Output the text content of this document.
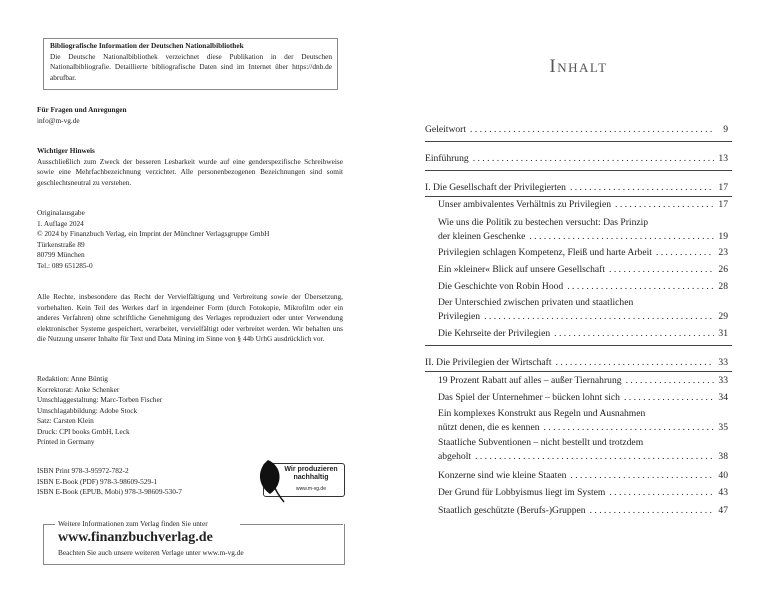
Bibliografische Information der Deutschen Nationalbibliothek
Die Deutsche Nationalbibliothek verzeichnet diese Publikation in der Deutschen Nationalbibliografie. Detaillierte bibliografische Daten sind im Internet über https://dnb.de abrufbar.
Für Fragen und Anregungen
info@m-vg.de
Wichtiger Hinweis
Ausschließlich zum Zweck der besseren Lesbarkeit wurde auf eine genderspezifische Schreibweise sowie eine Mehrfachbezeichnung verzichtet. Alle personenbezogenen Bezeichnungen sind somit geschlechtsneutral zu verstehen.
Originalausgabe
1. Auflage 2024
© 2024 by Finanzbuch Verlag, ein Imprint der Münchner Verlagsgruppe GmbH
Türkenstraße 89
80799 München
Tel.: 089 651285-0
Alle Rechte, insbesondere das Recht der Vervielfältigung und Verbreitung sowie der Übersetzung, vorbehalten. Kein Teil des Werkes darf in irgendeiner Form (durch Fotokopie, Mikrofilm oder ein anderes Verfahren) ohne schriftliche Genehmigung des Verlages reproduziert oder unter Verwendung elektronischer Systeme gespeichert, verarbeitet, vervielfältigt oder verbreitet werden. Wir behalten uns die Nutzung unserer Inhalte für Text und Data Mining im Sinne von § 44b UrhG ausdrücklich vor.
Redaktion: Anne Büntig
Korrektorat: Anke Schenker
Umschlaggestaltung: Marc-Torben Fischer
Umschlagabbildung: Adobe Stock
Satz: Carsten Klein
Druck: CPI books GmbH, Leck
Printed in Germany
ISBN Print 978-3-95972-782-2
ISBN E-Book (PDF) 978-3-98609-529-1
ISBN E-Book (EPUB, Mobi) 978-3-98609-530-7
Wir produzieren
nachhaltig
www.m-vg.de
Weitere Informationen zum Verlag finden Sie unter
www.finanzbuchverlag.de
Beachten Sie auch unsere weiteren Verlage unter www.m-vg.de
Inhalt
Geleitwort . . .	9
Einführung . . .	13
I. Die Gesellschaft der Privilegierten . . .	17
Unser ambivalentes Verhältnis zu Privilegien . . .	17
Wie uns die Politik zu bestechen versucht: Das Prinzip
der kleinen Geschenke . . .	19
Privilegien schlagen Kompetenz, Fleiß und harte Arbeit . . .	23
Ein »kleiner« Blick auf unsere Gesellschaft . . .	26
Die Geschichte von Robin Hood . . .	28
Der Unterschied zwischen privaten und staatlichen
Privilegien . . .	29
Die Kehrseite der Privilegien . . .	31
II. Die Privilegien der Wirtschaft . . .	33
19 Prozent Rabatt auf alles – außer Tiernahrung . . .	33
Das Spiel der Unternehmer – bücken lohnt sich . . .	34
Ein komplexes Konstrukt aus Regeln und Ausnahmen
nützt denen, die es kennen . . .	35
Staatliche Subventionen – nicht bestellt und trotzdem
abgeholt . . .	38
Konzerne sind wie kleine Staaten . . .	40
Der Grund für Lobbyismus liegt im System . . .	43
Staatlich geschützte (Berufs-)Gruppen . . .	47
